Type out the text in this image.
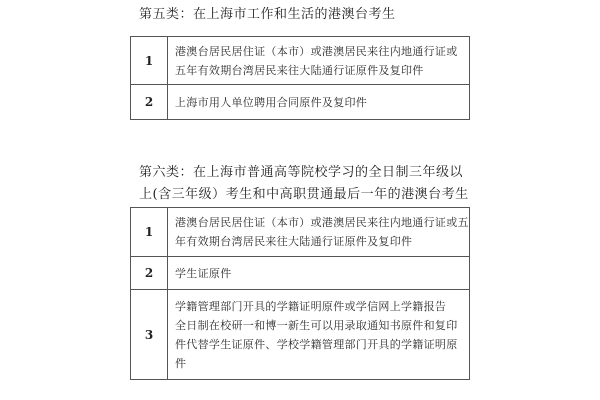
第五类：在上海市工作和生活的港澳台考生
1	港澳台居民居住证（本市）或港澳居民来往内地通行证或
五年有效期台湾居民来往大陆通行证原件及复印件

2	上海市用人单位聘用合同原件及复印件
第六类：在上海市普通高等院校学习的全日制三年级以
上(含三年级）考生和中高职贯通最后一年的港澳台考生
1	港澳台居民居住证（本市）或港澳居民来往内地通行证或五
年有效期台湾居民来往大陆通行证原件及复印件

2	学生证原件

3	学籍管理部门开具的学籍证明原件或学信网上学籍报告
全日制在校研一和博一新生可以用录取通知书原件和复印
件代替学生证原件、学校学籍管理部门开具的学籍证明原
件
